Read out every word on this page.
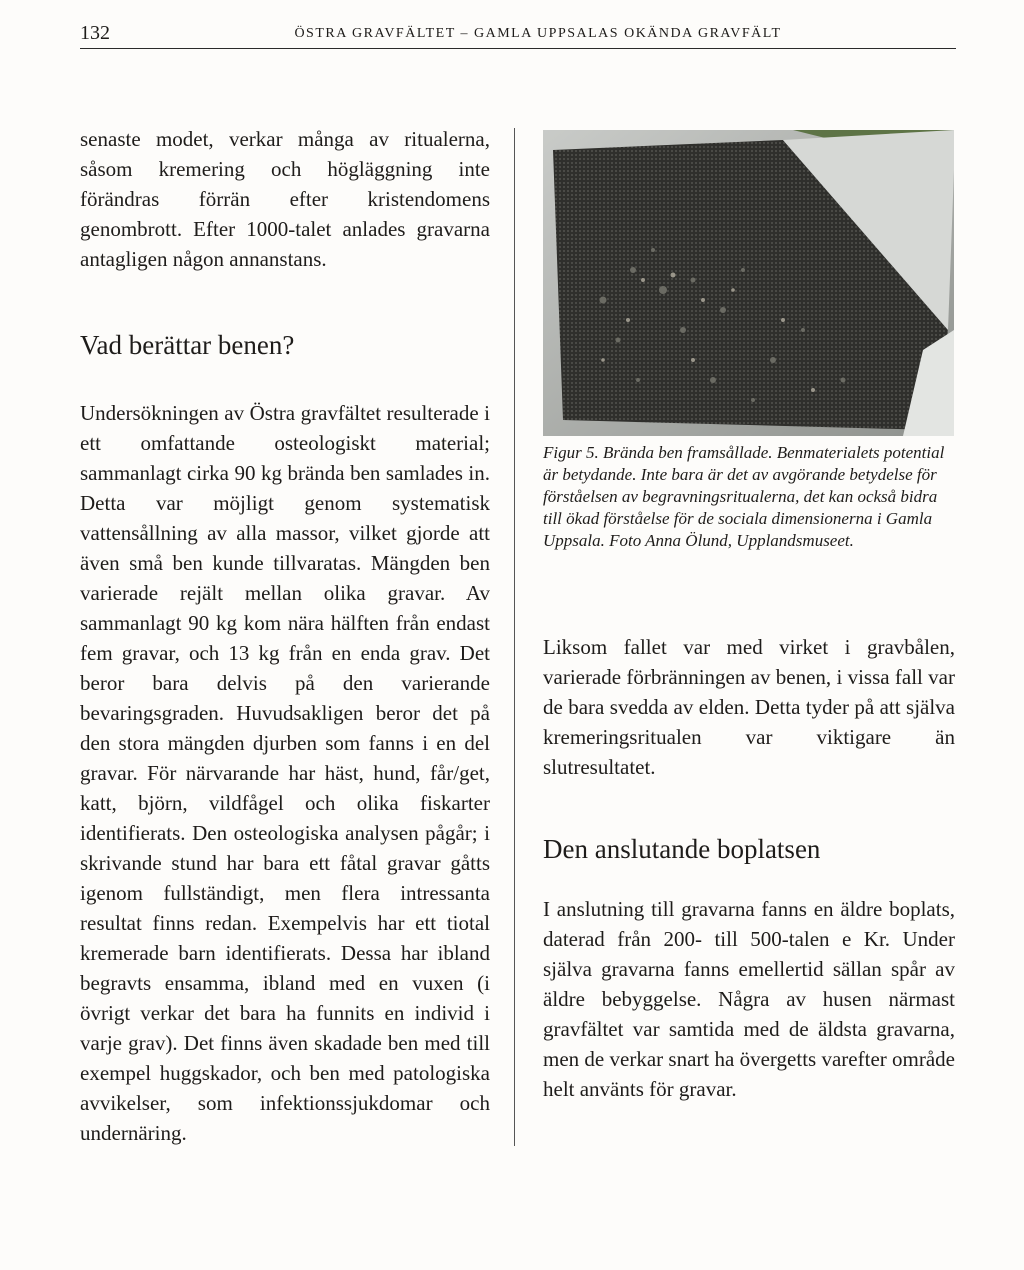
132	ÖSTRA GRAVFÄLTET – GAMLA UPPSALAS OKÄNDA GRAVFÄLT

senaste modet, verkar många av ritualerna, såsom kremering och högläggning inte förändras förrän efter kristendomens genombrott. Efter 1000-talet anlades gravarna antagligen någon annanstans.

Vad berättar benen?

Undersökningen av Östra gravfältet resulterade i ett omfattande osteologiskt material; sammanlagt cirka 90 kg brända ben samlades in. Detta var möjligt genom systematisk vattensållning av alla massor, vilket gjorde att även små ben kunde tillvaratas. Mängden ben varierade rejält mellan olika gravar. Av sammanlagt 90 kg kom nära hälften från endast fem gravar, och 13 kg från en enda grav. Det beror bara delvis på den varierande bevaringsgraden. Huvudsakligen beror det på den stora mängden djurben som fanns i en del gravar. För närvarande har häst, hund, får/get, katt, björn, vildfågel och olika fiskarter identifierats. Den osteologiska analysen pågår; i skrivande stund har bara ett fåtal gravar gåtts igenom fullständigt, men flera intressanta resultat finns redan. Exempelvis har ett tiotal kremerade barn identifierats. Dessa har ibland begravts ensamma, ibland med en vuxen (i övrigt verkar det bara ha funnits en individ i varje grav). Det finns även skadade ben med till exempel huggskador, och ben med patologiska avvikelser, som infektionssjukdomar och undernäring.

Figur 5. Brända ben framsållade. Benmaterialets potential är betydande. Inte bara är det av avgörande betydelse för förståelsen av begravningsritualerna, det kan också bidra till ökad förståelse för de sociala dimensionerna i Gamla Uppsala. Foto Anna Ölund, Upplandsmuseet.

Liksom fallet var med virket i gravbålen, varierade förbränningen av benen, i vissa fall var de bara svedda av elden. Detta tyder på att själva kremeringsritualen var viktigare än slutresultatet.

Den anslutande boplatsen

I anslutning till gravarna fanns en äldre boplats, daterad från 200- till 500-talen e Kr. Under själva gravarna fanns emellertid sällan spår av äldre bebyggelse. Några av husen närmast gravfältet var samtida med de äldsta gravarna, men de verkar snart ha övergetts varefter område helt använts för gravar.
